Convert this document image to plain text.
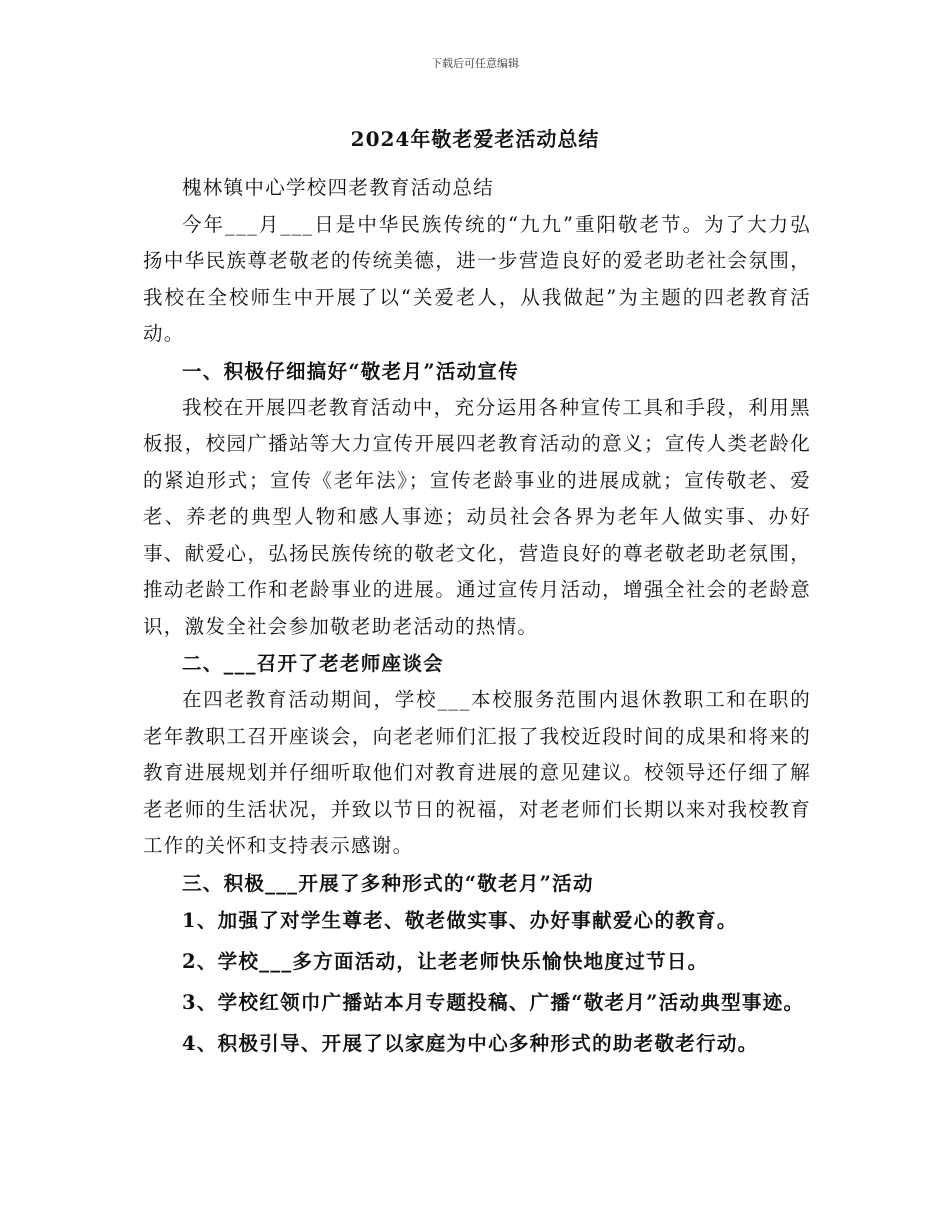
下载后可任意编辑
2024年敬老爱老活动总结

槐林镇中心学校四老教育活动总结

今年___月___日是中华民族传统的“九九”重阳敬老节。为了大力弘扬中华民族尊老敬老的传统美德，进一步营造良好的爱老助老社会氛围，我校在全校师生中开展了以“关爱老人，从我做起”为主题的四老教育活动。

一、积极仔细搞好“敬老月”活动宣传

我校在开展四老教育活动中，充分运用各种宣传工具和手段，利用黑板报，校园广播站等大力宣传开展四老教育活动的意义；宣传人类老龄化的紧迫形式；宣传《老年法》；宣传老龄事业的进展成就；宣传敬老、爱老、养老的典型人物和感人事迹；动员社会各界为老年人做实事、办好事、献爱心，弘扬民族传统的敬老文化，营造良好的尊老敬老助老氛围，推动老龄工作和老龄事业的进展。通过宣传月活动，增强全社会的老龄意识，激发全社会参加敬老助老活动的热情。

二、___召开了老老师座谈会

在四老教育活动期间，学校___本校服务范围内退休教职工和在职的老年教职工召开座谈会，向老老师们汇报了我校近段时间的成果和将来的教育进展规划并仔细听取他们对教育进展的意见建议。校领导还仔细了解老老师的生活状况，并致以节日的祝福，对老老师们长期以来对我校教育工作的关怀和支持表示感谢。

三、积极___开展了多种形式的“敬老月”活动

1、加强了对学生尊老、敬老做实事、办好事献爱心的教育。

2、学校___多方面活动，让老老师快乐愉快地度过节日。

3、学校红领巾广播站本月专题投稿、广播“敬老月”活动典型事迹。

4、积极引导、开展了以家庭为中心多种形式的助老敬老行动。
